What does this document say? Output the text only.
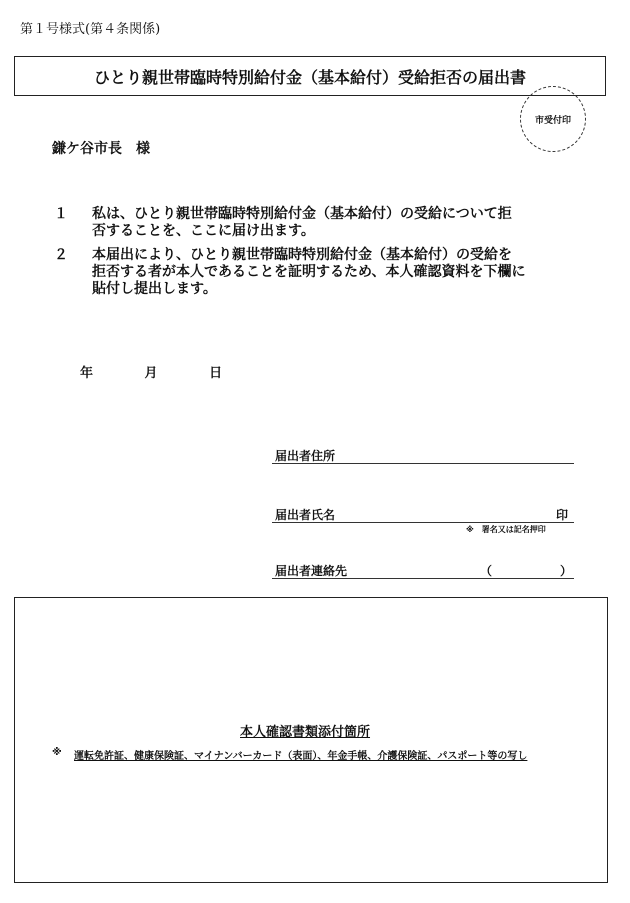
第１号様式(第４条関係)
ひとり親世帯臨時特別給付金（基本給付）受給拒否の届出書
市受付印
鎌ケ谷市長　様
１	私は、ひとり親世帯臨時特別給付金（基本給付）の受給について拒
否することを、ここに届け出ます。
２	本届出により、ひとり親世帯臨時特別給付金（基本給付）の受給を
拒否する者が本人であることを証明するため、本人確認資料を下欄に
貼付し提出します。
年	月	日
届出者住所
届出者氏名	印
※　署名又は記名押印
届出者連絡先	（	）
本人確認書類添付箇所
※	運転免許証、健康保険証、マイナンバーカード（表面）、年金手帳、介護保険証、パスポート等の写し
